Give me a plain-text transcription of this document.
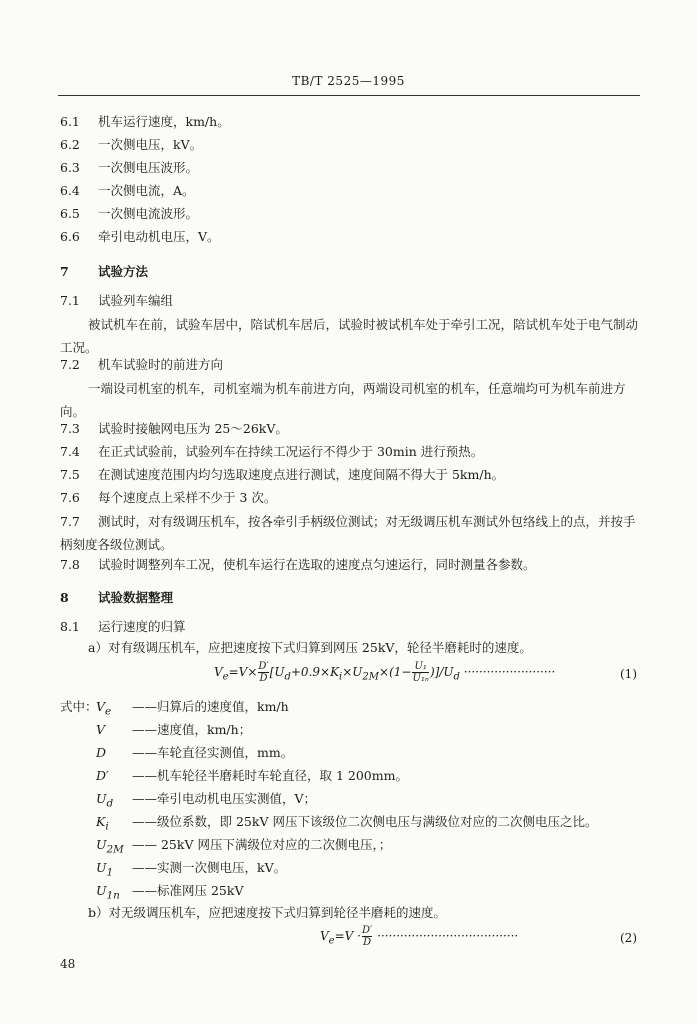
TB/T 2525—1995
6.1 机车运行速度，km/h。
6.2 一次侧电压，kV。
6.3 一次侧电压波形。
6.4 一次侧电流，A。
6.5 一次侧电流波形。
6.6 牵引电动机电压，V。
7 试验方法
7.1 试验列车编组
被试机车在前，试验车居中，陪试机车居后，试验时被试机车处于牵引工况，陪试机车处于电气制动工况。
7.2 机车试验时的前进方向
一端设司机室的机车，司机室端为机车前进方向，两端设司机室的机车，任意端均可为机车前进方向。
7.3 试验时接触网电压为 25～26kV。
7.4 在正式试验前，试验列车在持续工况运行不得少于 30min 进行预热。
7.5 在测试速度范围内均匀选取速度点进行测试，速度间隔不得大于 5km/h。
7.6 每个速度点上采样不少于 3 次。
7.7 测试时，对有级调压机车，按各牵引手柄级位测试；对无级调压机车测试外包络线上的点，并按手柄刻度各级位测试。
7.8 试验时调整列车工况，使机车运行在选取的速度点匀速运行，同时测量各参数。
8 试验数据整理
8.1 运行速度的归算
a）对有级调压机车，应把速度按下式归算到网压 25kV，轮径半磨耗时的速度。
$V_e=V\times \frac{D'}{D} [U_d+0.9\times K_i\times U_{2M}\times(1- \frac{\text{U₁}}{\text{U₁ₙ}} )]/U_d$ ························	(1)
式中：
$V_e$ ——归算后的速度值，km/h
V ——速度值，km/h；
D ——车轮直径实测值，mm。
D′ ——机车轮径半磨耗时车轮直径，取 1 200mm。
$U_d$ ——牵引电动机电压实测值，V；
$K_i$ ——级位系数，即 25kV 网压下该级位二次侧电压与满级位对应的二次侧电压之比。
$U_{2M}$ —— 25kV 网压下满级位对应的二次侧电压，；
$U_1$ ——实测一次侧电压，kV。
$U_{1n}$ ——标准网压 25kV
b）对无级调压机车，应把速度按下式归算到轮径半磨耗的速度。
$V_e=V \cdot \frac{D'}{D}$ ·····································	(2)
48
